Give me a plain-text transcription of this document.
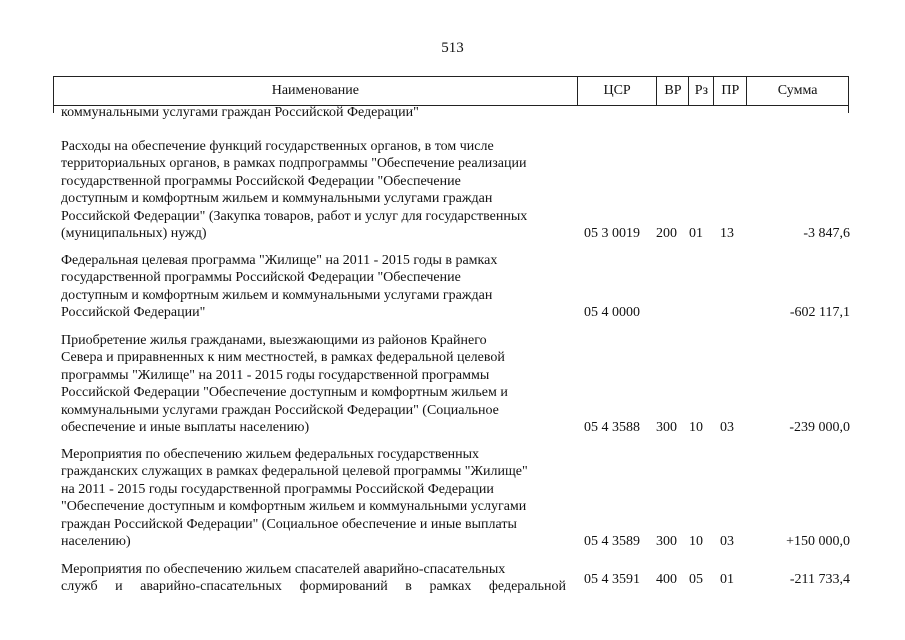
513
Наименование	ЦСР	ВР Рз ПР	Сумма
коммунальными услугами граждан Российской Федерации"
Расходы на обеспечение функций государственных органов, в том числе
территориальных органов, в рамках подпрограммы "Обеспечение реализации
государственной программы Российской Федерации "Обеспечение
доступным и комфортным жильем и коммунальными услугами граждан
Российской Федерации" (Закупка товаров, работ и услуг для государственных
(муниципальных) нужд)	05 3 0019 200 01 13	-3 847,6
Федеральная целевая программа "Жилище" на 2011 - 2015 годы в рамках
государственной программы Российской Федерации "Обеспечение
доступным и комфортным жильем и коммунальными услугами граждан
Российской Федерации"	05 4 0000	-602 117,1
Приобретение жилья гражданами, выезжающими из районов Крайнего
Севера и приравненных к ним местностей, в рамках федеральной целевой
программы "Жилище" на 2011 - 2015 годы государственной программы
Российской Федерации "Обеспечение доступным и комфортным жильем и
коммунальными услугами граждан Российской Федерации" (Социальное
обеспечение и иные выплаты населению)	05 4 3588 300 10 03	-239 000,0
Мероприятия по обеспечению жильем федеральных государственных
гражданских служащих в рамках федеральной целевой программы "Жилище"
на 2011 - 2015 годы государственной программы Российской Федерации
"Обеспечение доступным и комфортным жильем и коммунальными услугами
граждан Российской Федерации" (Социальное обеспечение и иные выплаты
населению)	05 4 3589 300 10 03	+150 000,0
Мероприятия по обеспечению жильем спасателей аварийно-спасательных
служб и аварийно-спасательных формирований в рамках федеральной 05 4 3591 400 05 01	-211 733,4
